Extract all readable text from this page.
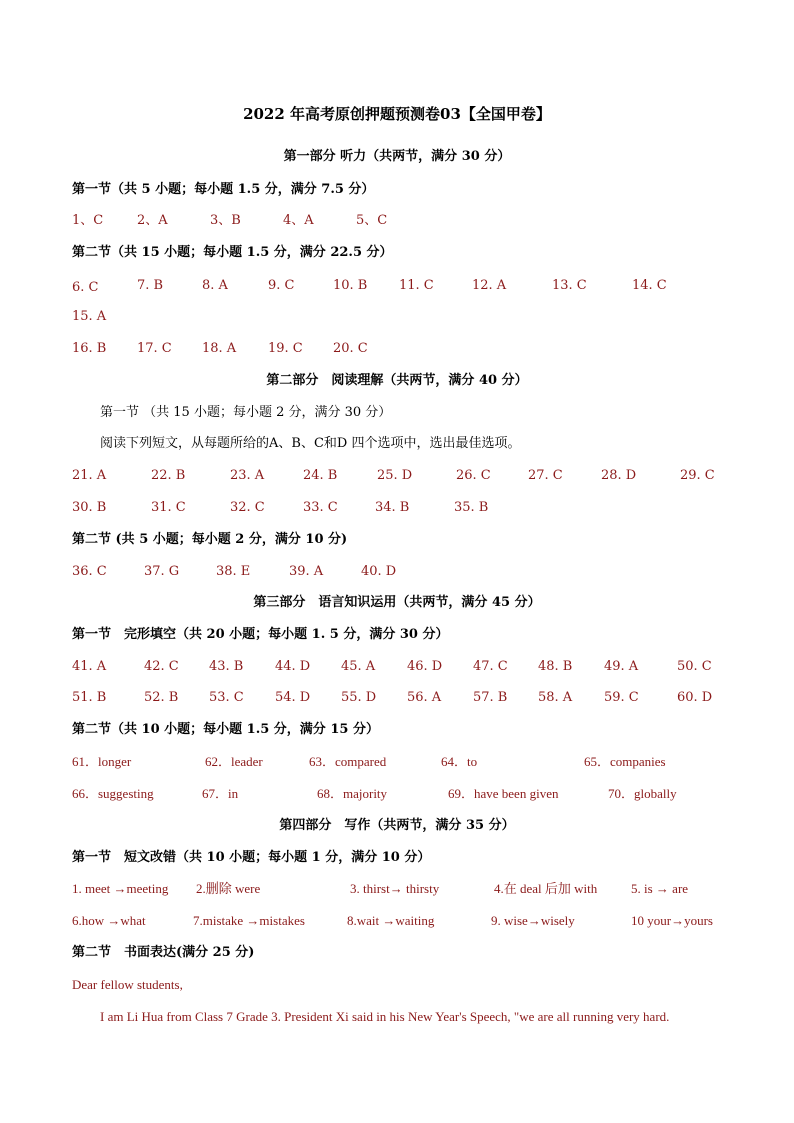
2022 年高考原创押题预测卷03【全国甲卷】
第一部分 听力（共两节，满分 30 分）
第一节（共 5 小题；每小题 1.5 分，满分 7.5 分）
1、C	2、A	3、B	4、A	5、C
第二节（共 15 小题；每小题 1.5 分，满分 22.5 分）
6. C	7. B	8. A	9. C	10. B 11. C	12. A	13. C	14. C
15. A
16. B 17. C 18. A 19. C 20. C
第二部分　阅读理解（共两节，满分 40 分）
第一节 （共 15 小题；每小题 2 分，满分 30 分）
阅读下列短文，从每题所给的A、B、C和D 四个选项中，选出最佳选项。
21. A	22. B	23. A	24. B	25. D	26. C	27. C	28. D	29. C
30. B	31. C	32. C	33. C	34. B	35. B
第二节 (共 5 小题；每小题 2 分，满分 10 分)
36. C	37. G	38. E	39. A	40. D
第三部分　语言知识运用（共两节，满分 45 分）
第一节　完形填空（共 20 小题；每小题 1. 5 分，满分 30 分）
41. A	42. C 43. B 44. D 45. A 46. D 47. C 48. B 49. A	50. C
51. B	52. B 53. C 54. D 55. D 56. A 57. B 58. A 59. C	60. D
第二节（共 10 小题；每小题 1.5 分，满分 15 分）
61．longer	62．leader	63．compared	64．to	65．companies
66．suggesting	67．in	68．majority	69．have been given	70．globally
第四部分　写作（共两节，满分 35 分）
第一节　短文改错（共 10 小题；每小题 1 分，满分 10 分）
1. meet →meeting 2.删除 were	3. thirst→ thirsty	4.在 deal 后加 with	5. is → are
6.how →what	7.mistake →mistakes	8.wait →waiting	9. wise→wisely	10 your→yours
第二节　书面表达(满分 25 分)
Dear fellow students,
I am Li Hua from Class 7 Grade 3. President Xi said in his New Year's Speech, "we are all running very hard.
